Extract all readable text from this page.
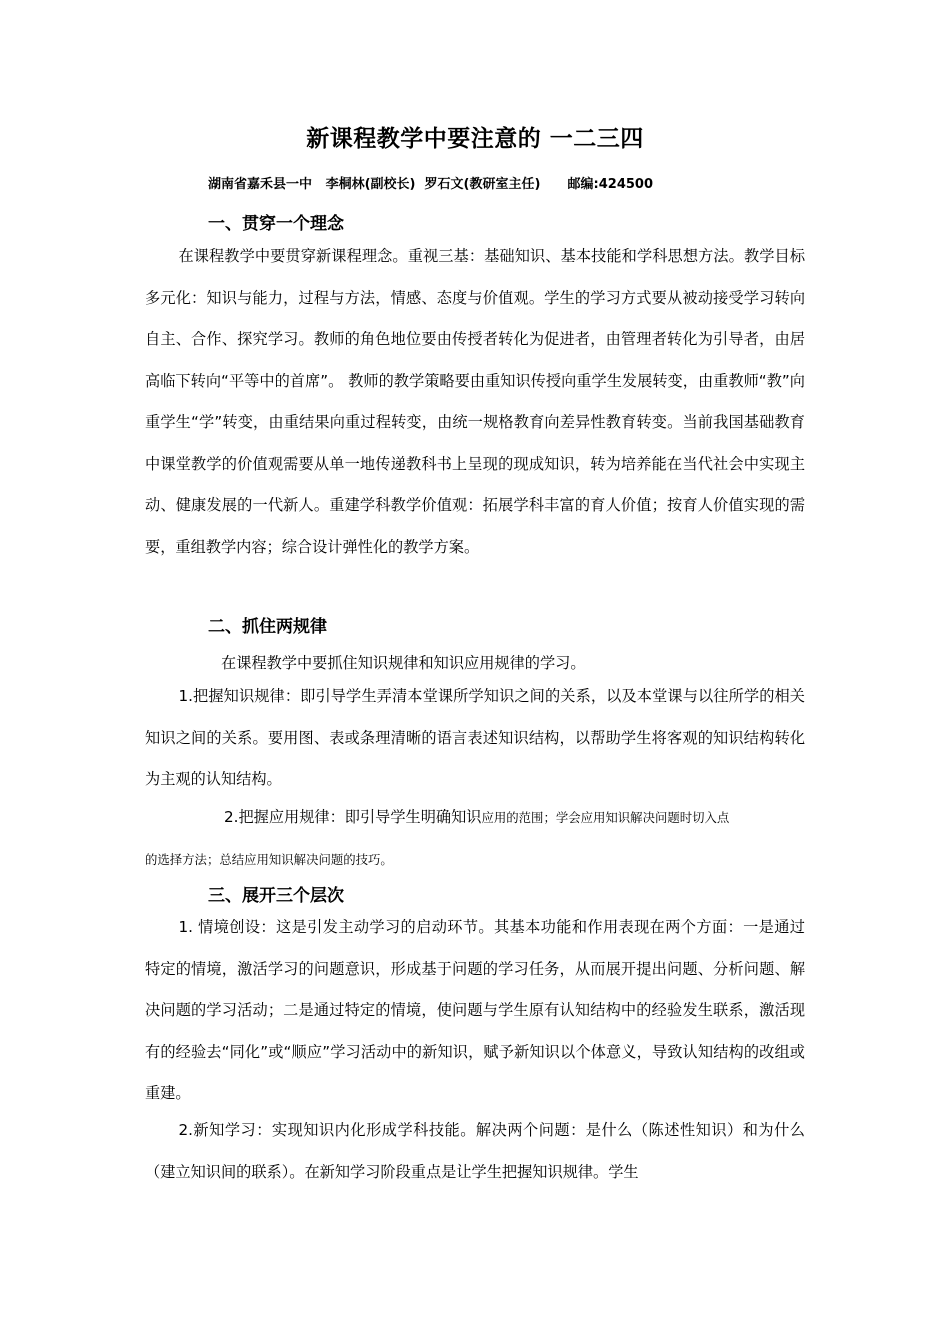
新课程教学中要注意的 一二三四
湖南省嘉禾县一中   李桐林(副校长)  罗石文(教研室主任)      邮编:424500
一、贯穿一个理念

在课程教学中要贯穿新课程理念。重视三基：基础知识、基本技能和学科思想方法。教学目标多元化：知识与能力，过程与方法，情感、态度与价值观。学生的学习方式要从被动接受学习转向自主、合作、探究学习。教师的角色地位要由传授者转化为促进者，由管理者转化为引导者，由居高临下转向“平等中的首席”。 教师的教学策略要由重知识传授向重学生发展转变，由重教师“教”向重学生“学”转变，由重结果向重过程转变，由统一规格教育向差异性教育转变。当前我国基础教育中课堂教学的价值观需要从单一地传递教科书上呈现的现成知识，转为培养能在当代社会中实现主动、健康发展的一代新人。重建学科教学价值观：拓展学科丰富的育人价值；按育人价值实现的需要，重组教学内容；综合设计弹性化的教学方案。

二、抓住两规律

在课程教学中要抓住知识规律和知识应用规律的学习。

1.把握知识规律：即引导学生弄清本堂课所学知识之间的关系，以及本堂课与以往所学的相关知识之间的关系。要用图、表或条理清晰的语言表述知识结构，以帮助学生将客观的知识结构转化为主观的认知结构。

2.把握应用规律：即引导学生明确知识应用的范围；学会应用知识解决问题时切入点

的选择方法；总结应用知识解决问题的技巧。

三、展开三个层次

1. 情境创设：这是引发主动学习的启动环节。其基本功能和作用表现在两个方面：一是通过特定的情境，激活学习的问题意识，形成基于问题的学习任务，从而展开提出问题、分析问题、解决问题的学习活动；二是通过特定的情境，使问题与学生原有认知结构中的经验发生联系，激活现有的经验去“同化”或“顺应”学习活动中的新知识，赋予新知识以个体意义，导致认知结构的改组或重建。

2.新知学习：实现知识内化形成学科技能。解决两个问题：是什么（陈述性知识）和为什么（建立知识间的联系）。在新知学习阶段重点是让学生把握知识规律。学生
